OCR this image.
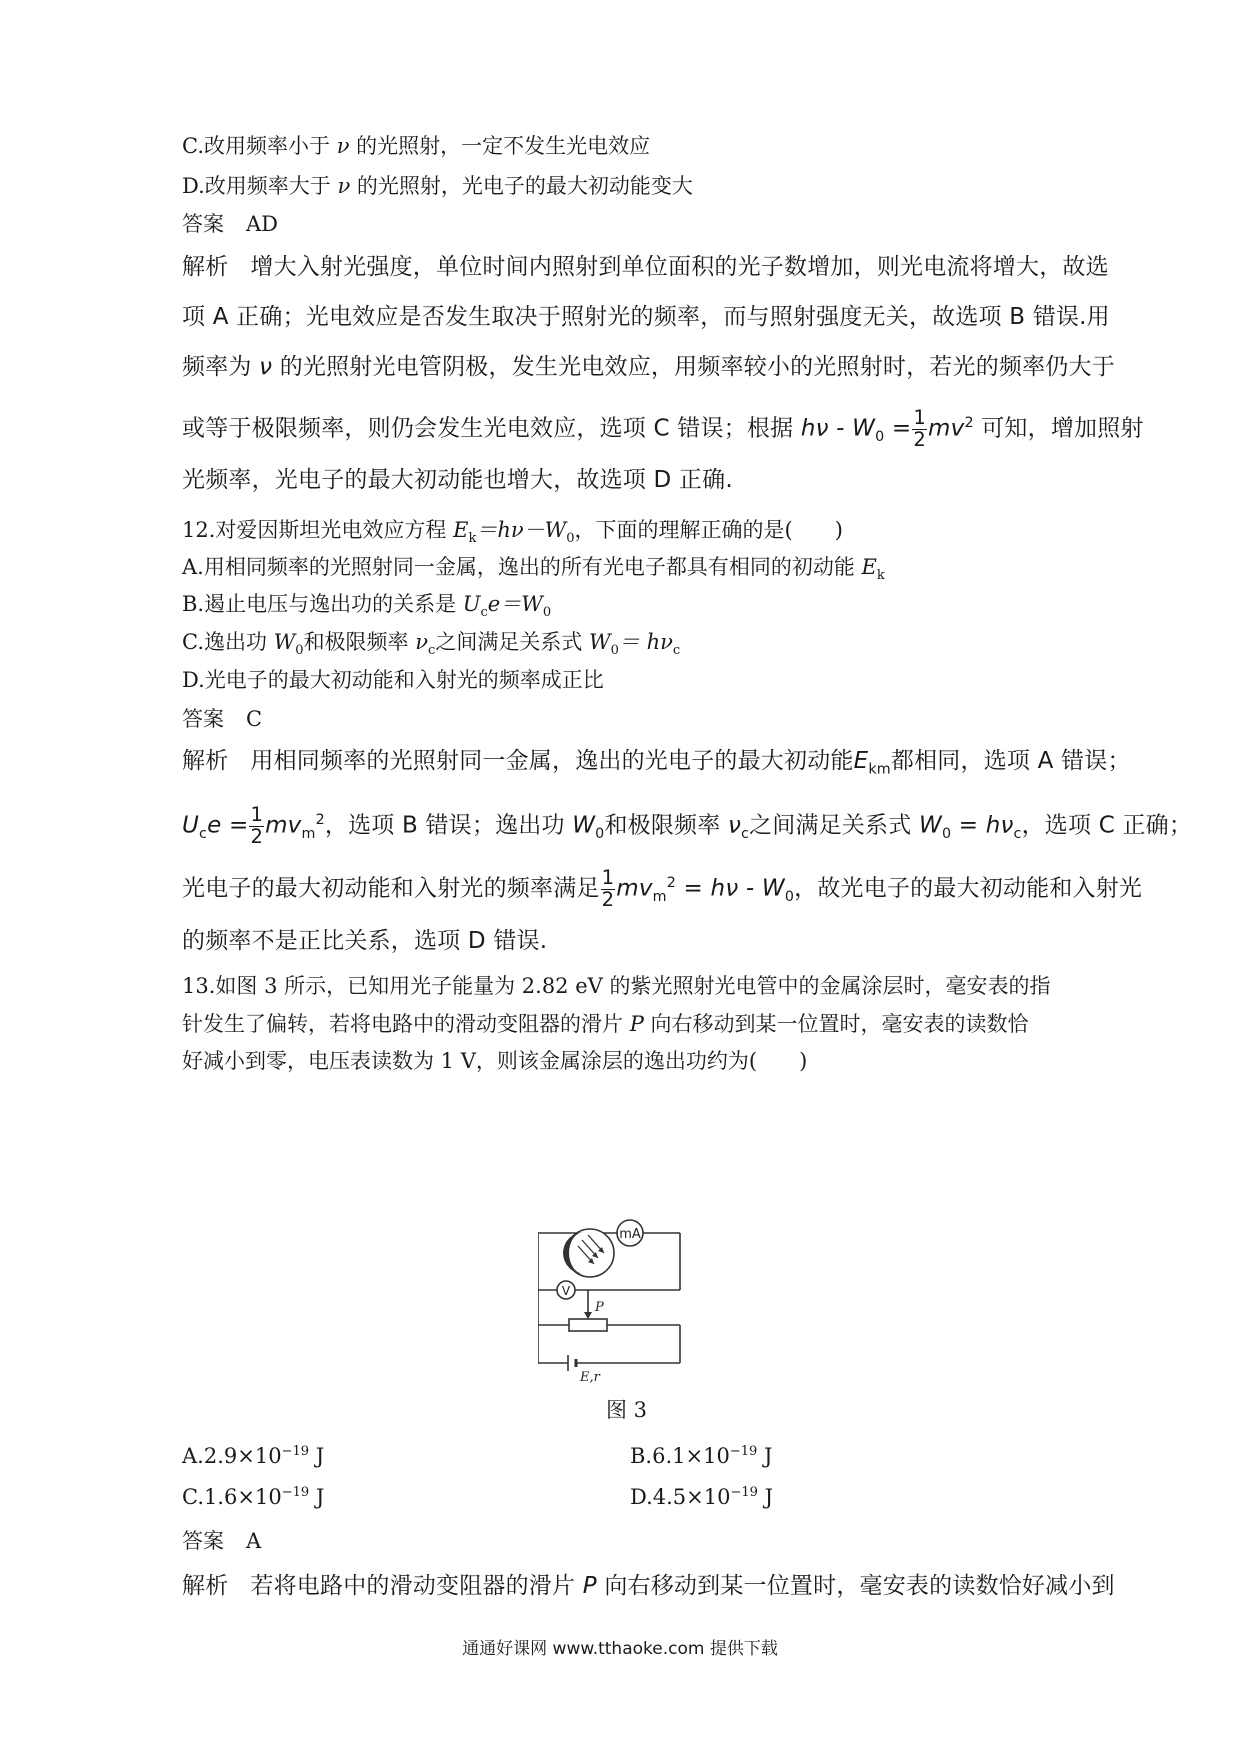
C.改用频率小于 ν 的光照射，一定不发生光电效应
D.改用频率大于 ν 的光照射，光电子的最大初动能变大
答案 AD
解析 增大入射光强度，单位时间内照射到单位面积的光子数增加，则光电流将增大，故选
项 A 正确；光电效应是否发生取决于照射光的频率，而与照射强度无关，故选项 B 错误.用
频率为 ν 的光照射光电管阴极，发生光电效应，用频率较小的光照射时，若光的频率仍大于
或等于极限频率，则仍会发生光电效应，选项 C 错误；根据 $h\nu - W_0 = \frac{1}{2} mv^2$ 可知，增加照射
光频率，光电子的最大初动能也增大，故选项 D 正确.
12.对爱因斯坦光电效应方程 $E_k=h\nu-W_0$，下面的理解正确的是( )
A.用相同频率的光照射同一金属，逸出的所有光电子都具有相同的初动能 $E_k$
B.遏止电压与逸出功的关系是 $U_ce=W_0$
C.逸出功 $W_0$和极限频率 $\nu_c$之间满足关系式 $W_0= h\nu_c$
D.光电子的最大初动能和入射光的频率成正比
答案 C
解析 用相同频率的光照射同一金属，逸出的光电子的最大初动能$E_{km}$都相同，选项 A 错误；
$U_ce = \frac{1}{2} mv_m^2$，选项 B 错误；逸出功 $W_0$和极限频率 $\nu_c$之间满足关系式 $W_0 = h\nu_c$，选项 C 正确；
光电子的最大初动能和入射光的频率满足 $\frac{1}{2} mv_m^2 = h\nu - W_0$，故光电子的最大初动能和入射光
的频率不是正比关系，选项 D 错误.
13.如图 3 所示，已知用光子能量为 2.82 eV 的紫光照射光电管中的金属涂层时，毫安表的指
针发生了偏转，若将电路中的滑动变阻器的滑片 P 向右移动到某一位置时，毫安表的读数恰
好减小到零，电压表读数为 1 V，则该金属涂层的逸出功约为( )
mA
V
P
E,r
图 3
$A.2.9\times 10^{-19}$ J	$B.6.1\times 10^{-19}$ J
$C.1.6\times 10^{-19}$ J	$D.4.5\times 10^{-19}$ J
答案 A
解析 若将电路中的滑动变阻器的滑片 P 向右移动到某一位置时，毫安表的读数恰好减小到
通通好课网 www.tthaoke.com 提供下载
